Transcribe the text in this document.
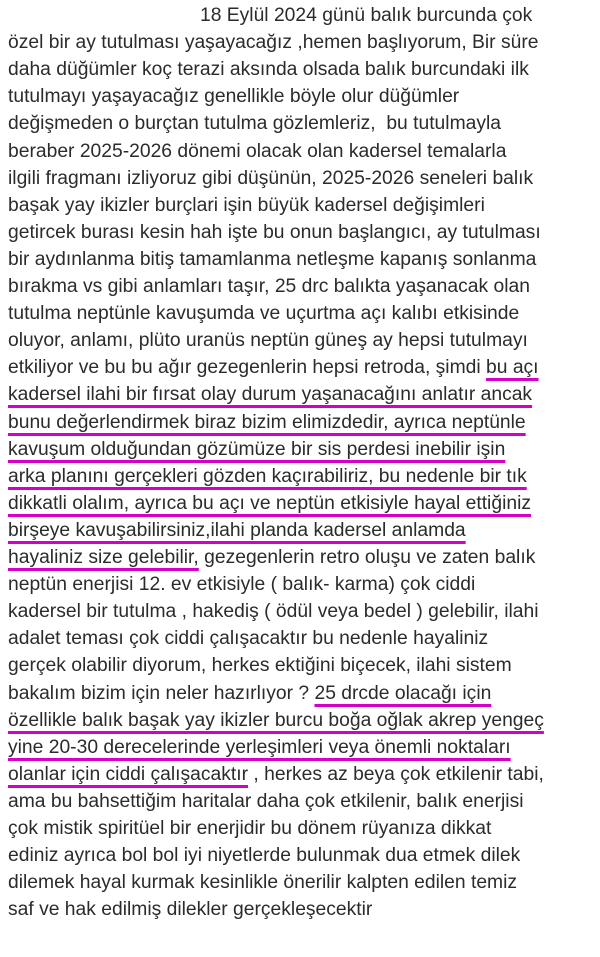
18 Eylül 2024 günü balık burcunda çok
özel bir ay tutulması yaşayacağız ,hemen başlıyorum, Bir süre
daha düğümler koç terazi aksında olsada balık burcundaki ilk
tutulmayı yaşayacağız genellikle böyle olur düğümler
değişmeden o burçtan tutulma gözlemleriz,  bu tutulmayla
beraber 2025-2026 dönemi olacak olan kadersel temalarla
ilgili fragmanı izliyoruz gibi düşünün, 2025-2026 seneleri balık
başak yay ikizler burçlari işin büyük kadersel değişimleri
getircek burası kesin hah işte bu onun başlangıcı, ay tutulması
bir aydınlanma bitiş tamamlanma netleşme kapanış sonlanma
bırakma vs gibi anlamları taşır, 25 drc balıkta yaşanacak olan
tutulma neptünle kavuşumda ve uçurtma açı kalıbı etkisinde
oluyor, anlamı, plüto uranüs neptün güneş ay hepsi tutulmayı
etkiliyor ve bu bu ağır gezegenlerin hepsi retroda, şimdi bu açı
kadersel ilahi bir fırsat olay durum yaşanacağını anlatır ancak
bunu değerlendirmek biraz bizim elimizdedir, ayrıca neptünle
kavuşum olduğundan gözümüze bir sis perdesi inebilir işin
arka planını gerçekleri gözden kaçırabiliriz, bu nedenle bir tık
dikkatli olalım, ayrıca bu açı ve neptün etkisiyle hayal ettiğiniz
birşeye kavuşabilirsiniz,ilahi planda kadersel anlamda
hayaliniz size gelebilir, gezegenlerin retro oluşu ve zaten balık
neptün enerjisi 12. ev etkisiyle ( balık- karma) çok ciddi
kadersel bir tutulma , hakediş ( ödül veya bedel ) gelebilir, ilahi
adalet teması çok ciddi çalışacaktır bu nedenle hayaliniz
gerçek olabilir diyorum, herkes ektiğini biçecek, ilahi sistem
bakalım bizim için neler hazırlıyor ? 25 drcde olacağı için
özellikle balık başak yay ikizler burcu boğa oğlak akrep yengeç
yine 20-30 derecelerinde yerleşimleri veya önemli noktaları
olanlar için ciddi çalışacaktır , herkes az beya çok etkilenir tabi,
ama bu bahsettiğim haritalar daha çok etkilenir, balık enerjisi
çok mistik spiritüel bir enerjidir bu dönem rüyanıza dikkat
ediniz ayrıca bol bol iyi niyetlerde bulunmak dua etmek dilek
dilemek hayal kurmak kesinlikle önerilir kalpten edilen temiz
saf ve hak edilmiş dilekler gerçekleşecektir
